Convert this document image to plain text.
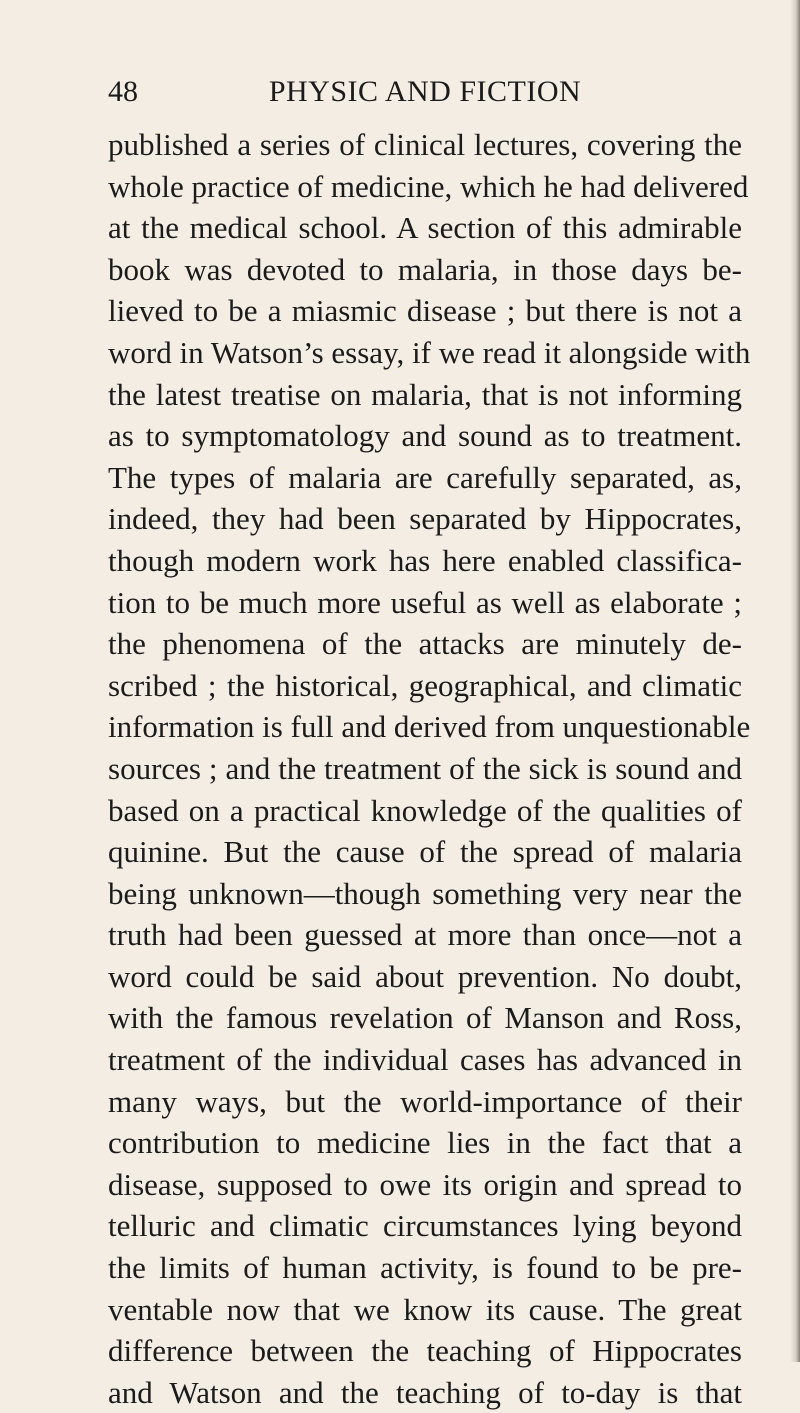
48	PHYSIC AND FICTION
published a series of clinical lectures, covering the
whole practice of medicine, which he had delivered
at the medical school. A section of this admirable
book was devoted to malaria, in those days be-
lieved to be a miasmic disease ; but there is not a
word in Watson’s essay, if we read it alongside with
the latest treatise on malaria, that is not informing
as to symptomatology and sound as to treatment.
The types of malaria are carefully separated, as,
indeed, they had been separated by Hippocrates,
though modern work has here enabled classifica-
tion to be much more useful as well as elaborate ;
the phenomena of the attacks are minutely de-
scribed ; the historical, geographical, and climatic
information is full and derived from unquestionable
sources ; and the treatment of the sick is sound and
based on a practical knowledge of the qualities of
quinine. But the cause of the spread of malaria
being unknown—though something very near the
truth had been guessed at more than once—not a
word could be said about prevention. No doubt,
with the famous revelation of Manson and Ross,
treatment of the individual cases has advanced in
many ways, but the world-importance of their
contribution to medicine lies in the fact that a
disease, supposed to owe its origin and spread to
telluric and climatic circumstances lying beyond
the limits of human activity, is found to be pre-
ventable now that we know its cause. The great
difference between the teaching of Hippocrates
and Watson and the teaching of to-day is that
